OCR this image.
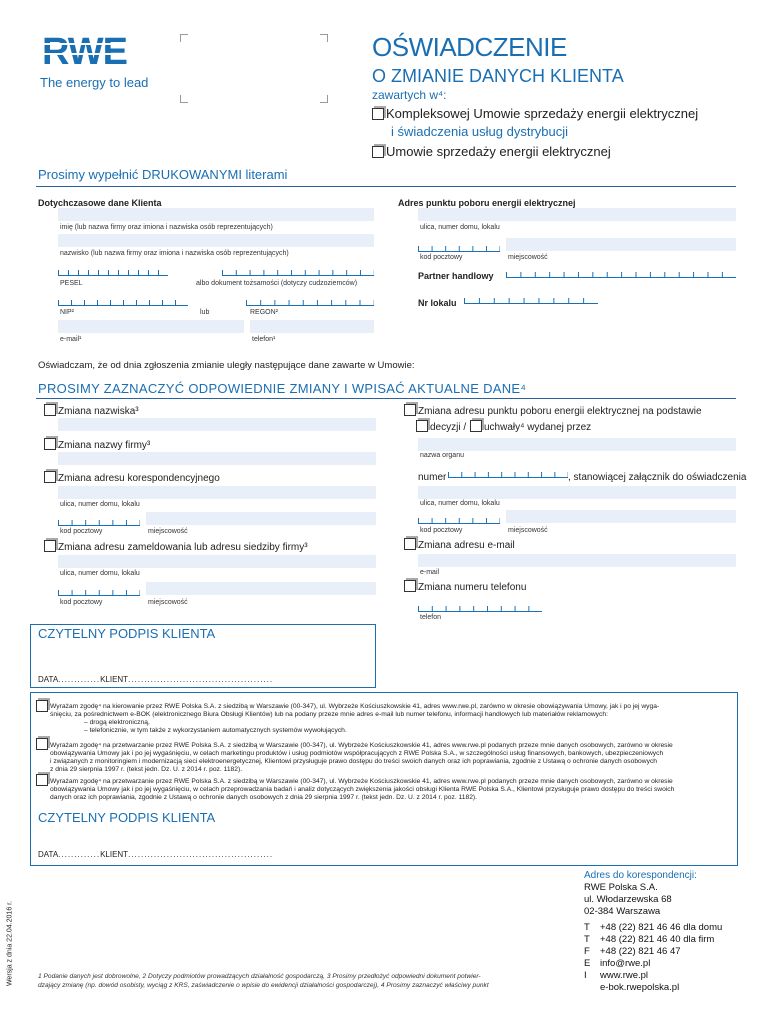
RWE
The energy to lead
OŚWIADCZENIE
O ZMIANIE DANYCH KLIENTA
zawartych w⁴:
Kompleksowej Umowie sprzedaży energii elektrycznej
i świadczenia usług dystrybucji
Umowie sprzedaży energii elektrycznej
Prosimy wypełnić DRUKOWANYMI literami
Dotychczasowe dane Klienta
imię (lub nazwa firmy oraz imiona i nazwiska osób reprezentujących)
nazwisko (lub nazwa firmy oraz imiona i nazwiska osób reprezentujących)
PESEL	albo dokument tożsamości (dotyczy cudzoziemców)
NIP²	lub	REGON²
e-mail¹	telefon¹
Adres punktu poboru energii elektrycznej
ulica, numer domu, lokalu
kod pocztowy	miejscowość
Partner handlowy
Nr lokalu
Oświadczam, że od dnia zgłoszenia zmianie uległy następujące dane zawarte w Umowie:
PROSIMY ZAZNACZYĆ ODPOWIEDNIE ZMIANY I WPISAĆ AKTUALNE DANE⁴
Zmiana nazwiska³
Zmiana nazwy firmy³
Zmiana adresu korespondencyjnego
ulica, numer domu, lokalu
kod pocztowy	miejscowość
Zmiana adresu zameldowania lub adresu siedziby firmy³
ulica, numer domu, lokalu
kod pocztowy	miejscowość
Zmiana adresu punktu poboru energii elektrycznej na podstawie
decyzji /	uchwały⁴ wydanej przez
nazwa organu
numer	, stanowiącej załącznik do oświadczenia
ulica, numer domu, lokalu
kod pocztowy	miejscowość
Zmiana adresu e-mail
e-mail
Zmiana numeru telefonu
telefon
CZYTELNY PODPIS KLIENTA
DATA.............KLIENT.............................................
Wyrażam zgodę⁴ na kierowanie przez RWE Polska S.A. z siedzibą w Warszawie (00-347), ul. Wybrzeże Kościuszkowskie 41, adres www.rwe.pl, zarówno w okresie obowiązywania Umowy, jak i po jej wyga-
śnięciu, za pośrednictwem e-BOK (elektronicznego Biura Obsługi Klientów) lub na podany przeze mnie adres e-mail lub numer telefonu, informacji handlowych lub materiałów reklamowych:
– drogą elektroniczną,
– telefonicznie, w tym także z wykorzystaniem automatycznych systemów wywołujących.
Wyrażam zgodę⁴ na przetwarzanie przez RWE Polska S.A. z siedzibą w Warszawie (00-347), ul. Wybrzeże Kościuszkowskie 41, adres www.rwe.pl podanych przeze mnie danych osobowych, zarówno w okresie
obowiązywania Umowy jak i po jej wygaśnięciu, w celach marketingu produktów i usług podmiotów współpracujących z RWE Polska S.A., w szczególności usług finansowych, bankowych, ubezpieczeniowych
i związanych z monitoringiem i modernizacją sieci elektroenergetycznej, Klientowi przysługuje prawo dostępu do treści swoich danych oraz ich poprawiania, zgodnie z Ustawą o ochronie danych osobowych
z dnia 29 sierpnia 1997 r. (tekst jedn. Dz. U. z 2014 r. poz. 1182).
Wyrażam zgodę⁴ na przetwarzanie przez RWE Polska S.A. z siedzibą w Warszawie (00-347), ul. Wybrzeże Kościuszkowskie 41, adres www.rwe.pl podanych przeze mnie danych osobowych, zarówno w okresie
obowiązywania Umowy jak i po jej wygaśnięciu, w celach przeprowadzania badań i analiz dotyczących zwiększenia jakości obsługi Klienta RWE Polska S.A., Klientowi przysługuje prawo dostępu do treści swoich
danych oraz ich poprawiania, zgodnie z Ustawą o ochronie danych osobowych z dnia 29 sierpnia 1997 r. (tekst jedn. Dz. U. z 2014 r. poz. 1182).
CZYTELNY PODPIS KLIENTA
DATA.............KLIENT.............................................
Wersja z dnia 22.04.2016 r.	1 Podanie danych jest dobrowolne, 2 Dotyczy podmiotów prowadzących działalność gospodarczą, 3 Prosimy przedłożyć odpowiedni dokument potwier-
dzający zmianę (np. dowód osobisty, wyciąg z KRS, zaświadczenie o wpisie do ewidencji działalności gospodarczej), 4 Prosimy zaznaczyć właściwy punkt
Adres do korespondencji:
RWE Polska S.A.
ul. Włodarzewska 68
02-384 Warszawa
T +48 (22) 821 46 46 dla domu
T +48 (22) 821 46 40 dla firm
F +48 (22) 821 46 47
E info@rwe.pl
I www.rwe.pl
e-bok.rwepolska.pl
